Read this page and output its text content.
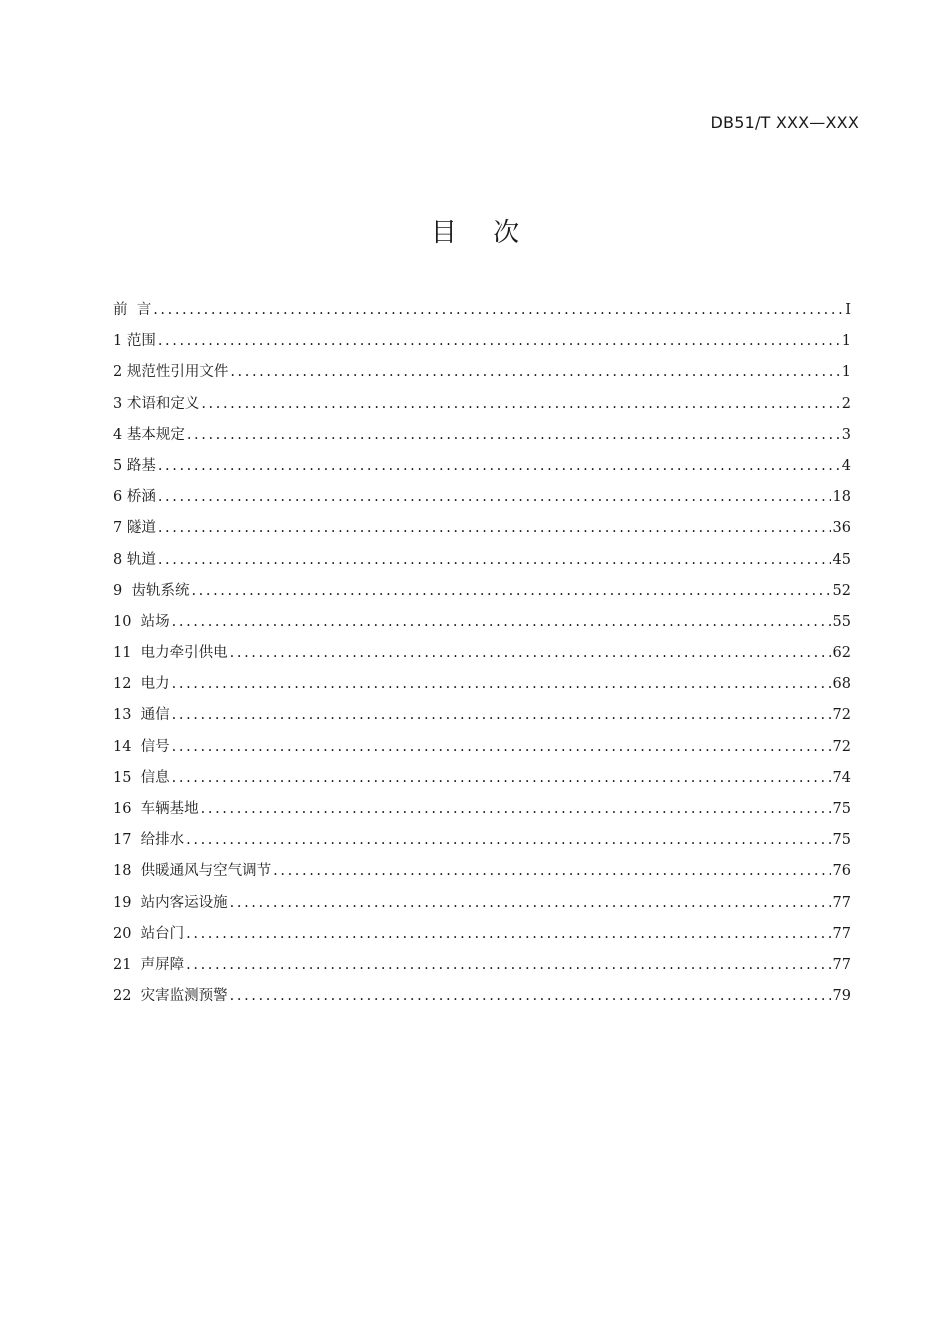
DB51/T XXX—XXX
目 次
前  言 .....	I
1 范围 .....	1
2 规范性引用文件 .....	1
3 术语和定义 .....	2
4 基本规定 .....	3
5 路基 .....	4
6 桥涵 .....	18
7 隧道 .....	36
8 轨道 .....	45
9  齿轨系统 .....	52
10  站场 .....	55
11  电力牵引供电 .....	62
12  电力 .....	68
13  通信 .....	72
14  信号 .....	72
15  信息 .....	74
16  车辆基地 .....	75
17  给排水 .....	75
18  供暖通风与空气调节 .....	76
19  站内客运设施 .....	77
20  站台门 .....	77
21  声屏障 .....	77
22  灾害监测预警 .....	79
